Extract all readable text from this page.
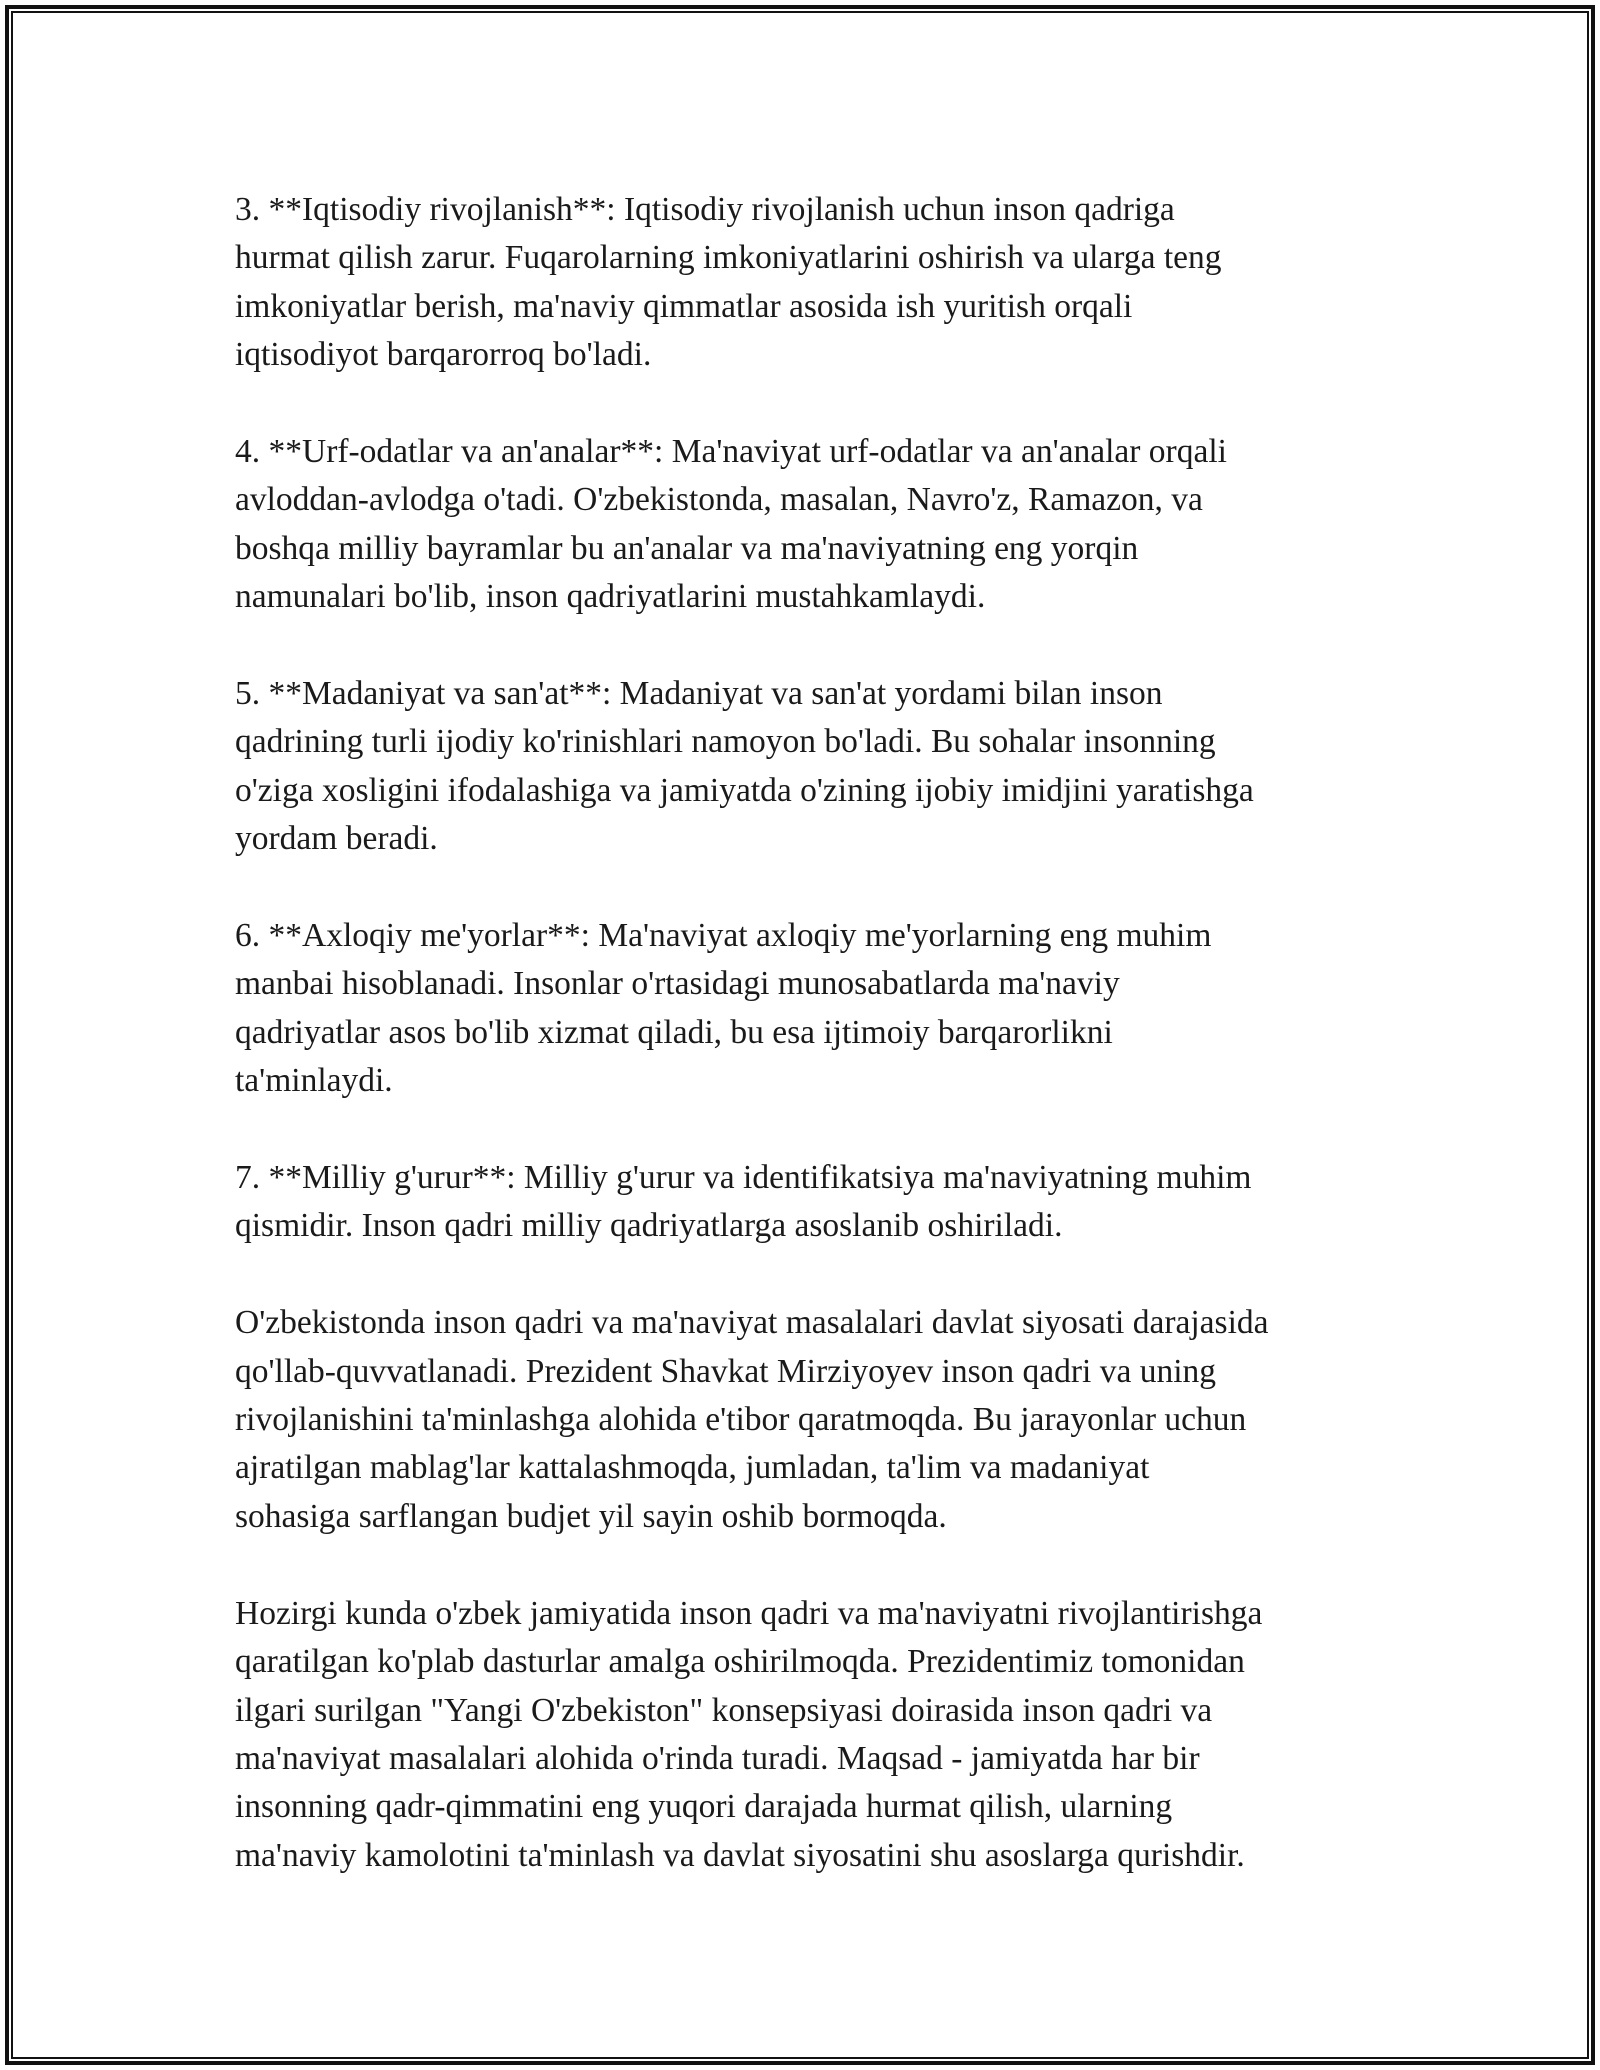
3. **Iqtisodiy rivojlanish**: Iqtisodiy rivojlanish uchun inson qadriga
hurmat qilish zarur. Fuqarolarning imkoniyatlarini oshirish va ularga teng
imkoniyatlar berish, ma'naviy qimmatlar asosida ish yuritish orqali
iqtisodiyot barqarorroq bo'ladi.

4. **Urf-odatlar va an'analar**: Ma'naviyat urf-odatlar va an'analar orqali
avloddan-avlodga o'tadi. O'zbekistonda, masalan, Navro'z, Ramazon, va
boshqa milliy bayramlar bu an'analar va ma'naviyatning eng yorqin
namunalari bo'lib, inson qadriyatlarini mustahkamlaydi.

5. **Madaniyat va san'at**: Madaniyat va san'at yordami bilan inson
qadrining turli ijodiy ko'rinishlari namoyon bo'ladi. Bu sohalar insonning
o'ziga xosligini ifodalashiga va jamiyatda o'zining ijobiy imidjini yaratishga
yordam beradi.

6. **Axloqiy me'yorlar**: Ma'naviyat axloqiy me'yorlarning eng muhim
manbai hisoblanadi. Insonlar o'rtasidagi munosabatlarda ma'naviy
qadriyatlar asos bo'lib xizmat qiladi, bu esa ijtimoiy barqarorlikni
ta'minlaydi.

7. **Milliy g'urur**: Milliy g'urur va identifikatsiya ma'naviyatning muhim
qismidir. Inson qadri milliy qadriyatlarga asoslanib oshiriladi.

O'zbekistonda inson qadri va ma'naviyat masalalari davlat siyosati darajasida
qo'llab-quvvatlanadi. Prezident Shavkat Mirziyoyev inson qadri va uning
rivojlanishini ta'minlashga alohida e'tibor qaratmoqda. Bu jarayonlar uchun
ajratilgan mablag'lar kattalashmoqda, jumladan, ta'lim va madaniyat
sohasiga sarflangan budjet yil sayin oshib bormoqda.

Hozirgi kunda o'zbek jamiyatida inson qadri va ma'naviyatni rivojlantirishga
qaratilgan ko'plab dasturlar amalga oshirilmoqda. Prezidentimiz tomonidan
ilgari surilgan "Yangi O'zbekiston" konsepsiyasi doirasida inson qadri va
ma'naviyat masalalari alohida o'rinda turadi. Maqsad - jamiyatda har bir
insonning qadr-qimmatini eng yuqori darajada hurmat qilish, ularning
ma'naviy kamolotini ta'minlash va davlat siyosatini shu asoslarga qurishdir.
